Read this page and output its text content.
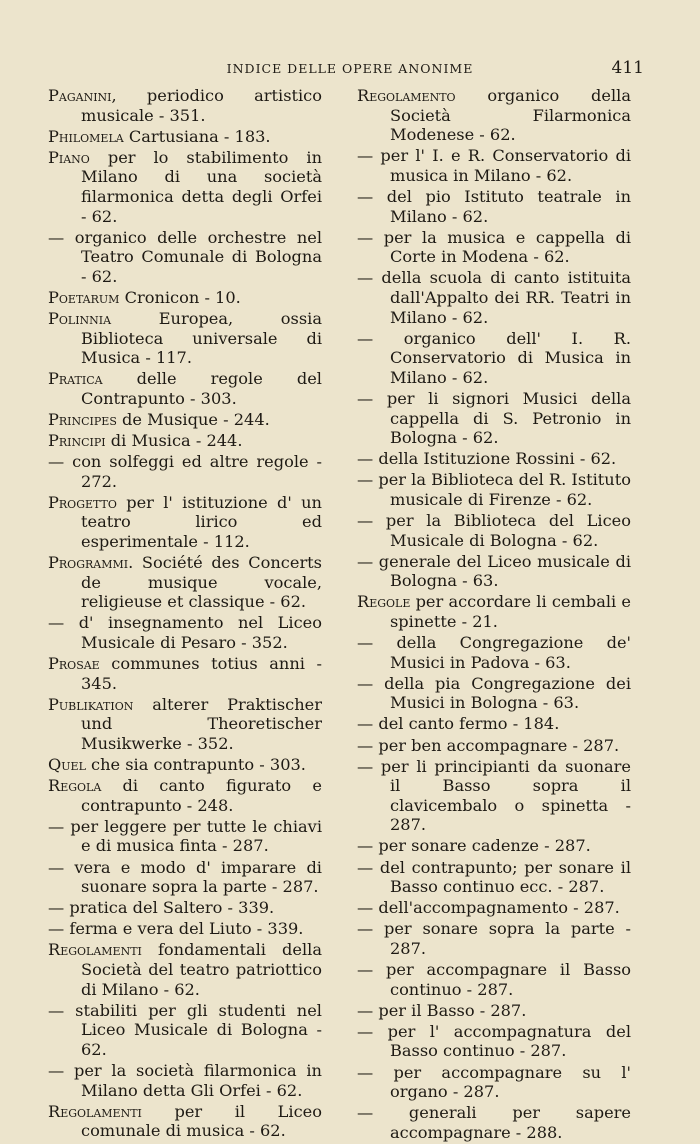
INDICE DELLE OPERE ANONIME	411

Paganini, periodico artistico musicale - 351.

Philomela Cartusiana - 183.

Piano per lo stabilimento in Milano di una società filarmonica detta degli Orfei - 62.

— organico delle orchestre nel Teatro Comunale di Bologna - 62.

Poetarum Cronicon - 10.

Polinnia Europea, ossia Biblioteca universale di Musica - 117.

Pratica delle regole del Contrapunto - 303.

Principes de Musique - 244.

Principi di Musica - 244.

— con solfeggi ed altre regole - 272.

Progetto per l' istituzione d' un teatro lirico ed esperimentale - 112.

Programmi. Société des Concerts de musique vocale, religieuse et classique - 62.

— d' insegnamento nel Liceo Musicale di Pesaro - 352.

Prosae communes totius anni - 345.

Publikation alterer Praktischer und Theoretischer Musikwerke - 352.

Quel che sia contrapunto - 303.

Regola di canto figurato e contrapunto - 248.

— per leggere per tutte le chiavi e di musica finta - 287.

— vera e modo d' imparare di suonare sopra la parte - 287.

— pratica del Saltero - 339.

— ferma e vera del Liuto - 339.

Regolamenti fondamentali della Società del teatro patriottico di Milano - 62.

— stabiliti per gli studenti nel Liceo Musicale di Bologna - 62.

— per la società filarmonica in Milano detta Gli Orfei - 62.

Regolamenti per il Liceo comunale di musica - 62.

Regolamento organico della Società Filarmonica Modenese - 62.

— per l' I. e R. Conservatorio di musica in Milano - 62.

— del pio Istituto teatrale in Milano - 62.

— per la musica e cappella di Corte in Modena - 62.

— della scuola di canto istituita dall'Appalto dei RR. Teatri in Milano - 62.

— organico dell' I. R. Conservatorio di Musica in Milano - 62.

— per li signori Musici della cappella di S. Petronio in Bologna - 62.

— della Istituzione Rossini - 62.

— per la Biblioteca del R. Istituto musicale di Firenze - 62.

— per la Biblioteca del Liceo Musicale di Bologna - 62.

— generale del Liceo musicale di Bologna - 63.

Regole per accordare li cembali e spinette - 21.

— della Congregazione de' Musici in Padova - 63.

— della pia Congregazione dei Musici in Bologna - 63.

— del canto fermo - 184.

— per ben accompagnare - 287.

— per li principianti da suonare il Basso sopra il clavicembalo o spinetta - 287.

— per sonare cadenze - 287.

— del contrapunto; per sonare il Basso continuo ecc. - 287.

— dell'accompagnamento - 287.

— per sonare sopra la parte - 287.

— per accompagnare il Basso continuo - 287.

— per il Basso - 287.

— per l' accompagnatura del Basso continuo - 287.

— per accompagnare su l' organo - 287.

— generali per sapere accompagnare - 288.
